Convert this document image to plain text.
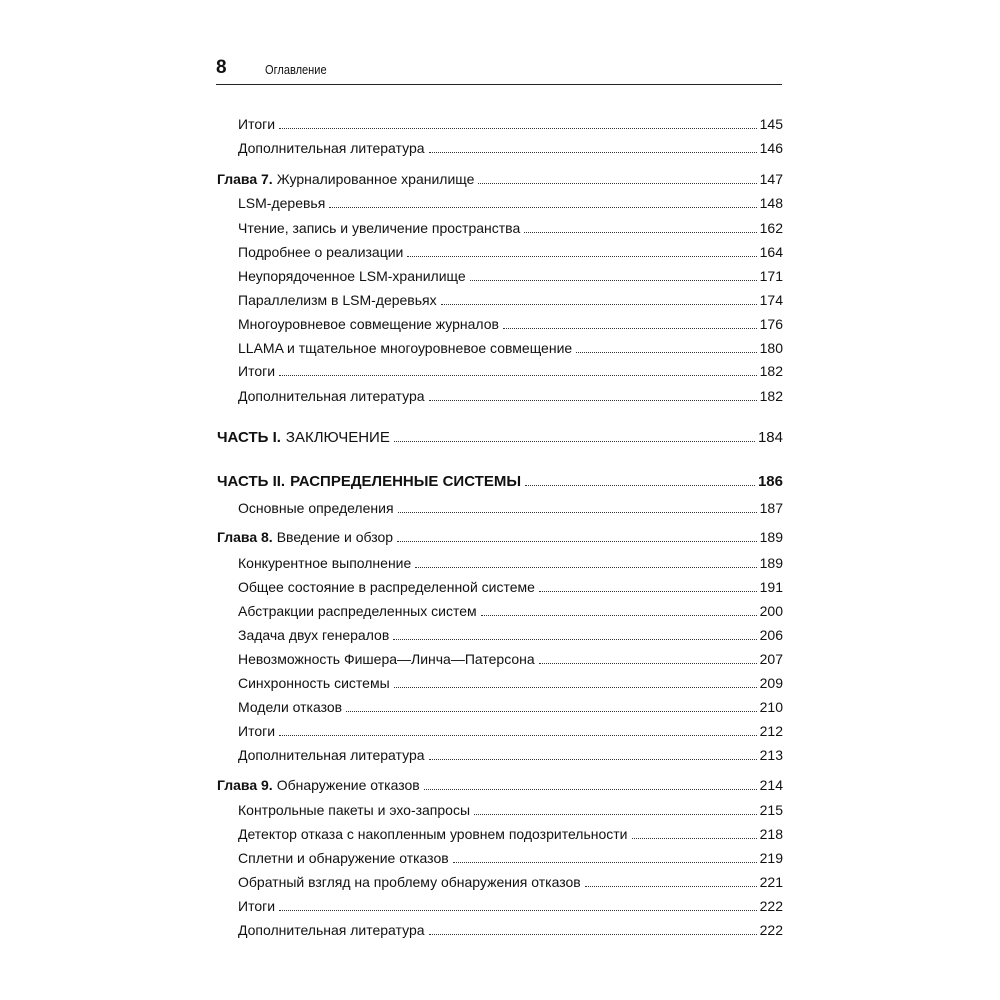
8	Оглавление
Итоги	145
Дополнительная литература	146
Глава 7. Журналированное хранилище	147
LSM-деревья	148
Чтение, запись и увеличение пространства	162
Подробнее о реализации	164
Неупорядоченное LSM-хранилище	171
Параллелизм в LSM-деревьях	174
Многоуровневое совмещение журналов	176
LLAMA и тщательное многоуровневое совмещение	180
Итоги	182
Дополнительная литература	182
ЧАСТЬ I. ЗАКЛЮЧЕНИЕ	184
ЧАСТЬ II. РАСПРЕДЕЛЕННЫЕ СИСТЕМЫ	186
Основные определения	187
Глава 8. Введение и обзор	189
Конкурентное выполнение	189
Общее состояние в распределенной системе	191
Абстракции распределенных систем	200
Задача двух генералов	206
Невозможность Фишера—Линча—Патерсона	207
Синхронность системы	209
Модели отказов	210
Итоги	212
Дополнительная литература	213
Глава 9. Обнаружение отказов	214
Контрольные пакеты и эхо-запросы	215
Детектор отказа с накопленным уровнем подозрительности	218
Сплетни и обнаружение отказов	219
Обратный взгляд на проблему обнаружения отказов	221
Итоги	222
Дополнительная литература	222
